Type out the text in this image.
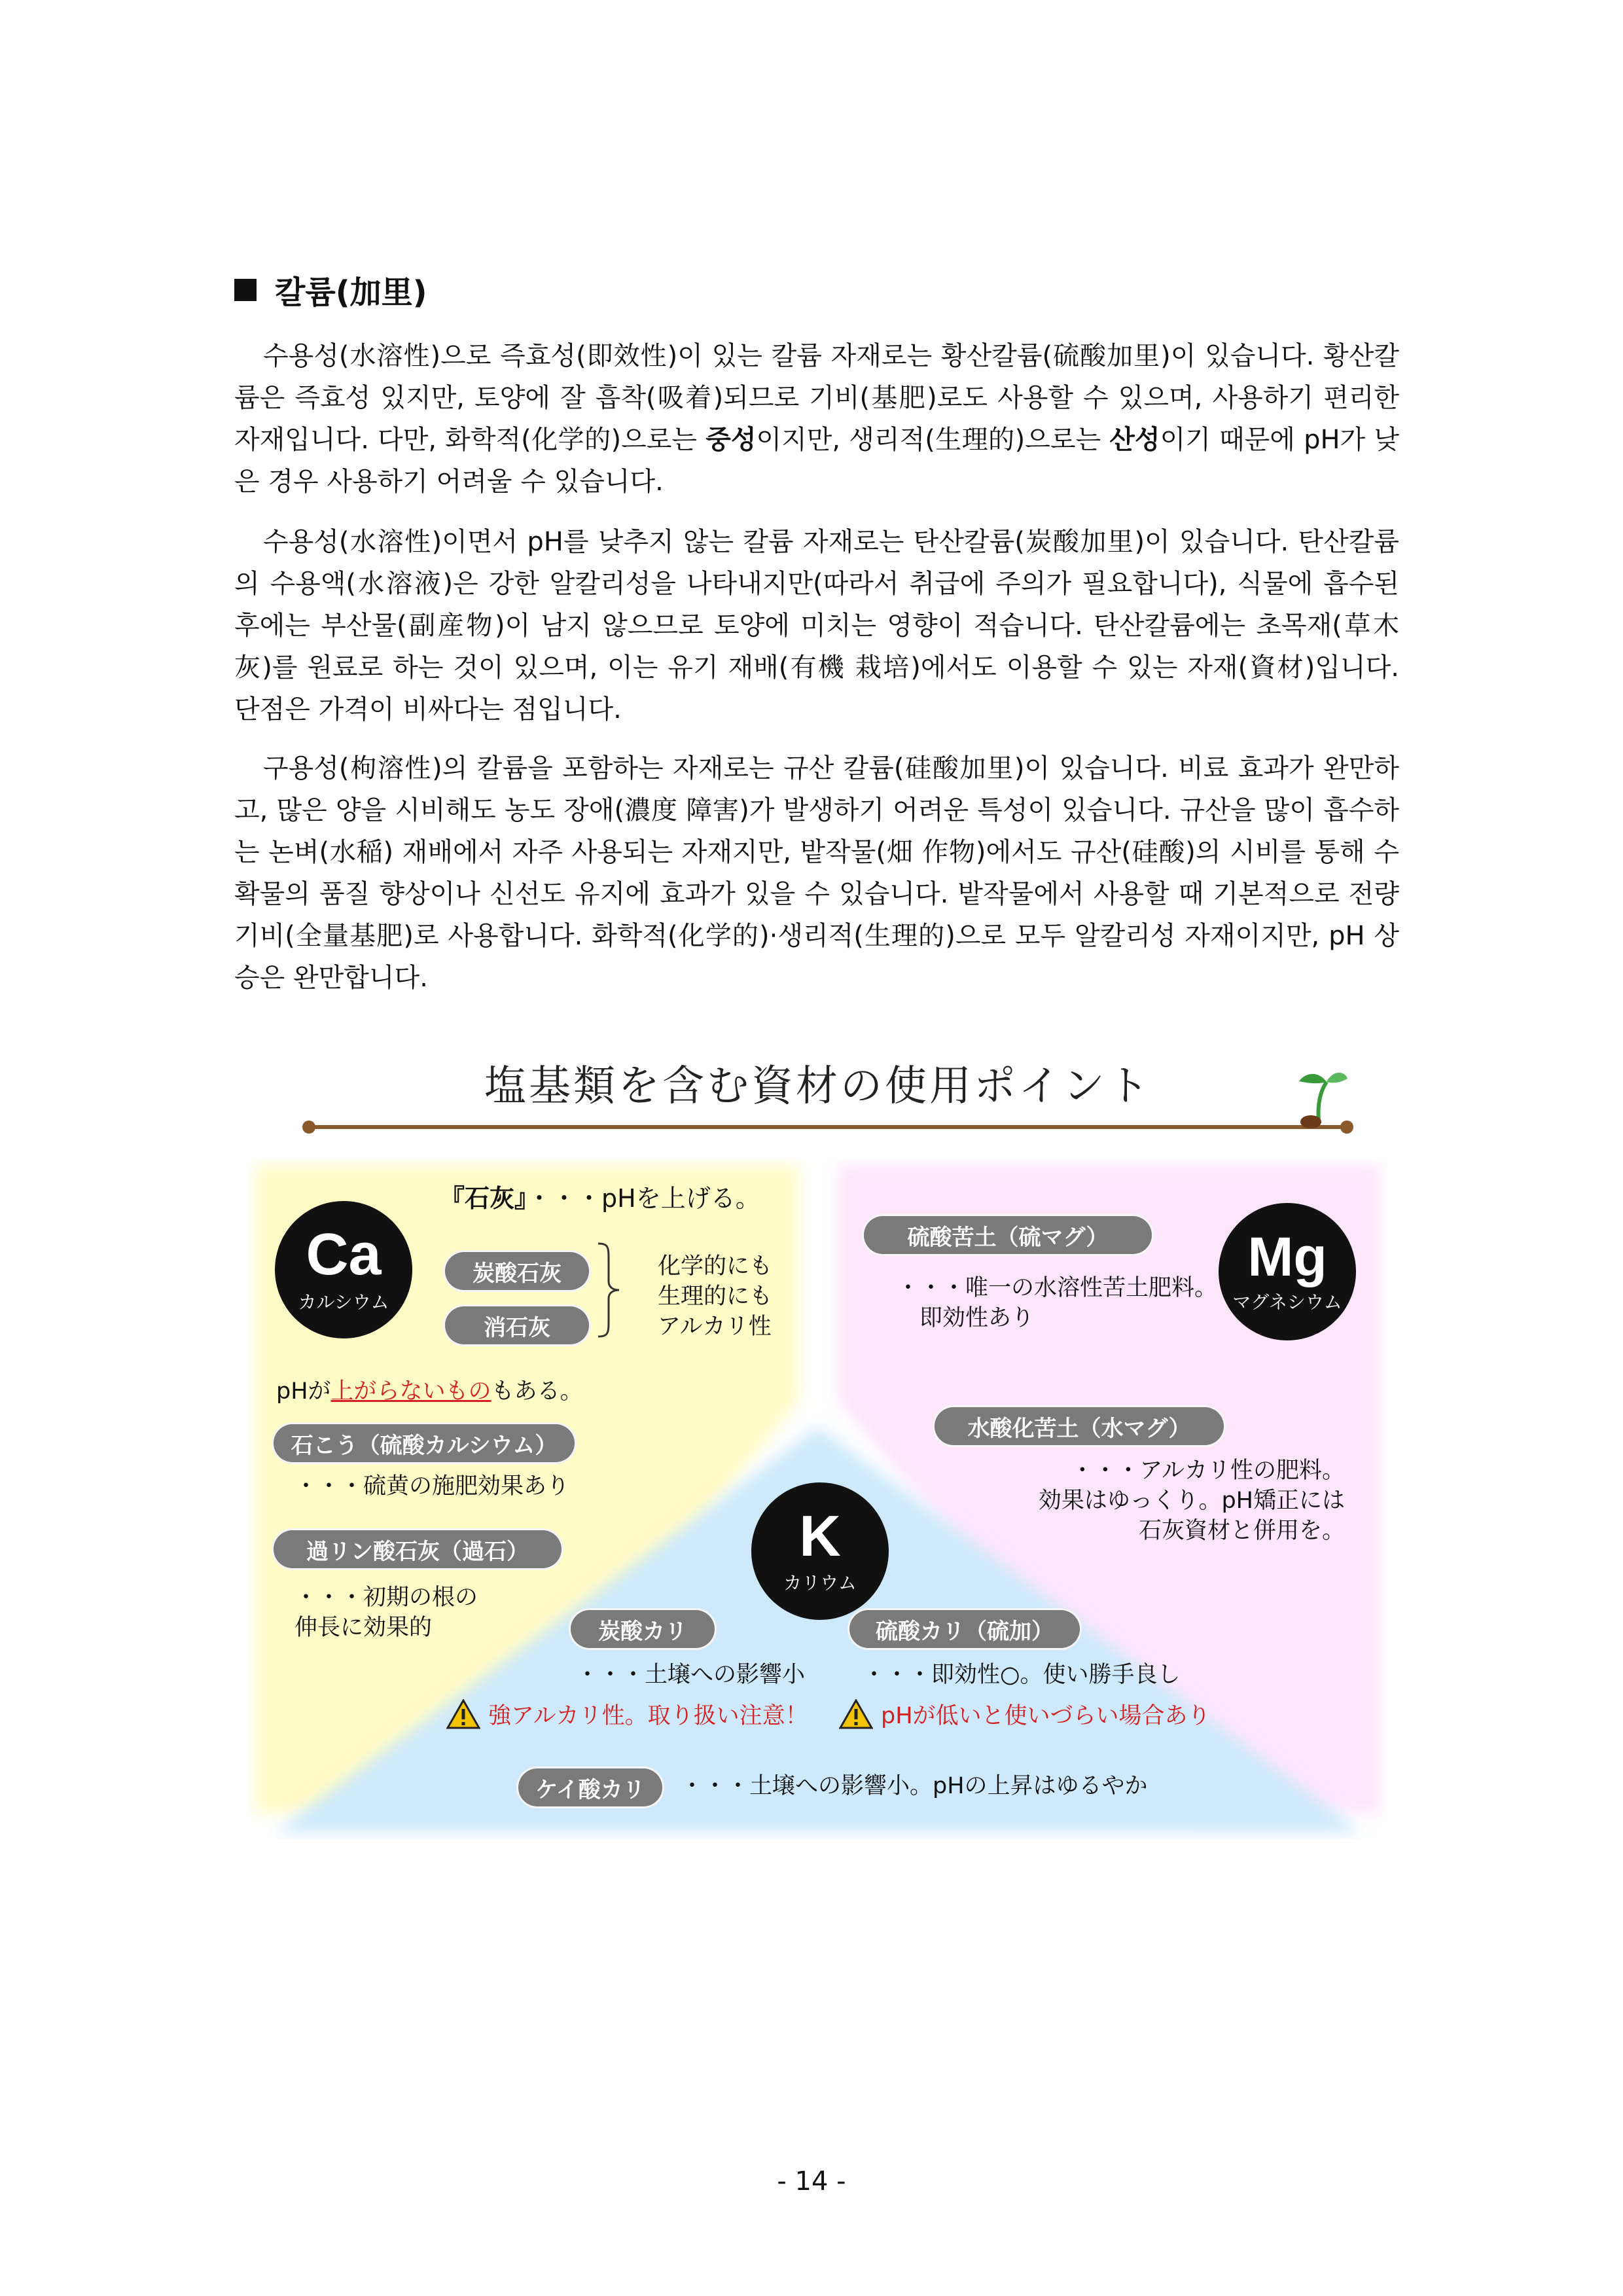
칼륨(加里)

수용성(水溶性)으로 즉효성(即效性)이 있는 칼륨 자재로는 황산칼륨(硫酸加里)이 있습니다. 황산칼륨은 즉효성 있지만, 토양에 잘 흡착(吸着)되므로 기비(基肥)로도 사용할 수 있으며, 사용하기 편리한 자재입니다. 다만, 화학적(化学的)으로는 중성이지만, 생리적(生理的)으로는 산성이기 때문에 pH가 낮은 경우 사용하기 어려울 수 있습니다.

수용성(水溶性)이면서 pH를 낮추지 않는 칼륨 자재로는 탄산칼륨(炭酸加里)이 있습니다. 탄산칼륨의 수용액(水溶液)은 강한 알칼리성을 나타내지만(따라서 취급에 주의가 필요합니다), 식물에 흡수된 후에는 부산물(副産物)이 남지 않으므로 토양에 미치는 영향이 적습니다. 탄산칼륨에는 초목재(草木灰)를 원료로 하는 것이 있으며, 이는 유기 재배(有機 栽培)에서도 이용할 수 있는 자재(資材)입니다. 단점은 가격이 비싸다는 점입니다.

구용성(枸溶性)의 칼륨을 포함하는 자재로는 규산 칼륨(硅酸加里)이 있습니다. 비료 효과가 완만하고, 많은 양을 시비해도 농도 장애(濃度 障害)가 발생하기 어려운 특성이 있습니다. 규산을 많이 흡수하는 논벼(水稲) 재배에서 자주 사용되는 자재지만, 밭작물(畑 作物)에서도 규산(硅酸)의 시비를 통해 수확물의 품질 향상이나 신선도 유지에 효과가 있을 수 있습니다. 밭작물에서 사용할 때 기본적으로 전량기비(全量基肥)로 사용합니다. 화학적(化学的)·생리적(生理的)으로 모두 알칼리성 자재이지만, pH 상승은 완만합니다.

塩基類を含む資材の使用ポイント
Ca
カルシウム
『石灰』・・・pHを上げる。
炭酸石灰
消石灰
化学的にも
生理的にも
アルカリ性
pHが上がらないものもある。
石こう（硫酸カルシウム）
・・・硫黄の施肥効果あり
過リン酸石灰（過石）
・・・初期の根の
伸長に効果的
Mg
マグネシウム
硫酸苦土（硫マグ）
・・・唯一の水溶性苦土肥料。
　即効性あり
水酸化苦土（水マグ）
・・・アルカリ性の肥料。
効果はゆっくり。pH矯正には
石灰資材と併用を。
K
カリウム
炭酸カリ
・・・土壌への影響小
強アルカリ性。取り扱い注意！
硫酸カリ（硫加）
・・・即効性○。使い勝手良し
pHが低いと使いづらい場合あり
ケイ酸カリ	・・・土壌への影響小。pHの上昇はゆるやか
- 14 -
